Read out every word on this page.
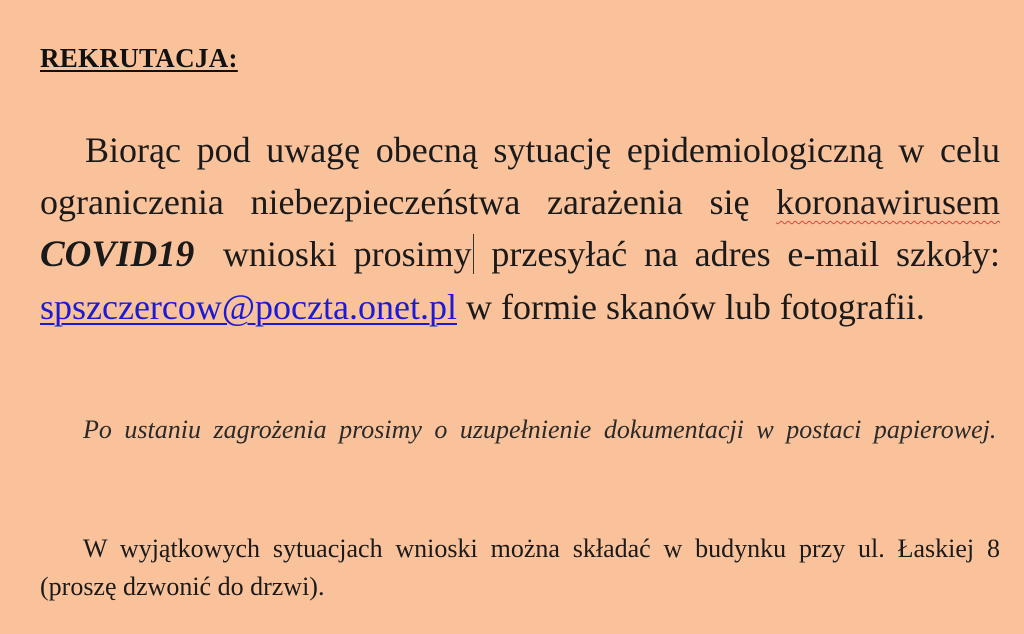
REKRUTACJA:

Biorąc pod uwagę obecną sytuację epidemiologiczną w celu ograniczenia niebezpieczeństwa zarażenia się koronawirusem COVID19 wnioski prosimy przesyłać na adres e-mail szkoły: spszczercow@poczta.onet.pl w formie skanów lub fotografii.

Po ustaniu zagrożenia prosimy o uzupełnienie dokumentacji w postaci papierowej.

W wyjątkowych sytuacjach wnioski można składać w budynku przy ul. Łaskiej 8 (proszę dzwonić do drzwi).
